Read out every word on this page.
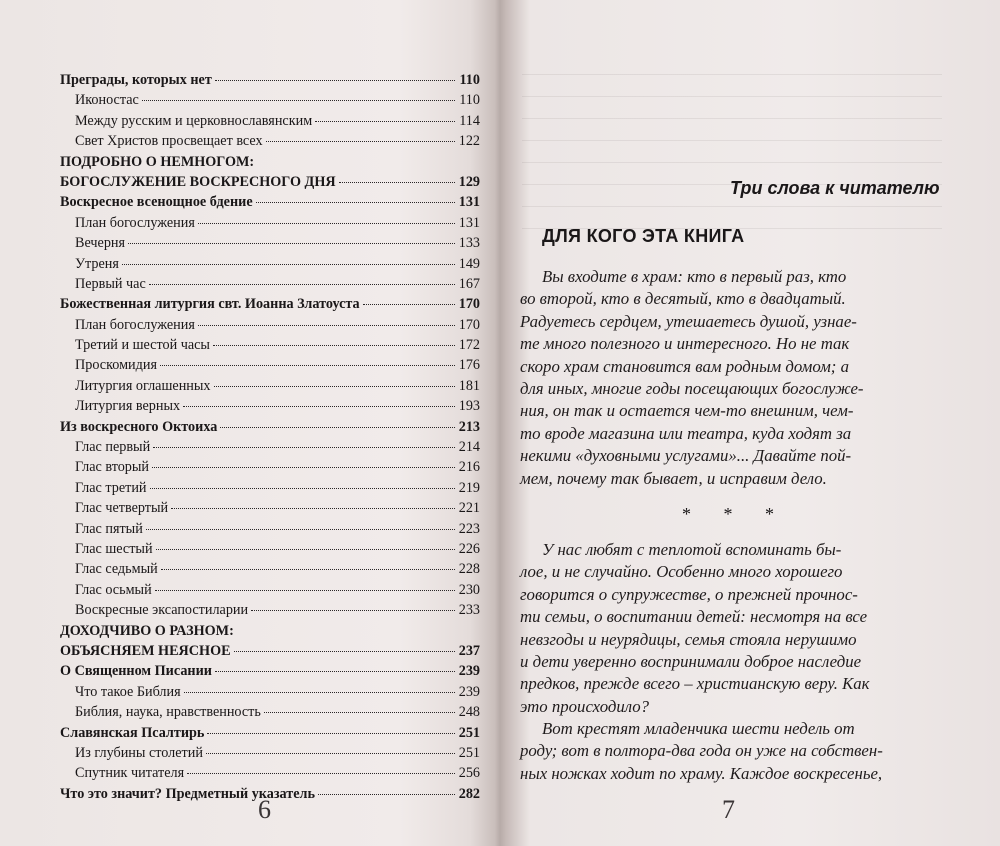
Преграды, которых нет	110
Иконостас	110
Между русским и церковнославянским	114
Свет Христов просвещает всех	122
ПОДРОБНО О НЕМНОГОМ:
БОГОСЛУЖЕНИЕ ВОСКРЕСНОГО ДНЯ	129
Воскресное всенощное бдение	131
План богослужения	131
Вечерня	133
Утреня	149
Первый час	167
Божественная литургия свт. Иоанна Златоуста	170
План богослужения	170
Третий и шестой часы	172
Проскомидия	176
Литургия оглашенных	181
Литургия верных	193
Из воскресного Октоиха	213
Глас первый	214
Глас вторый	216
Глас третий	219
Глас четвертый	221
Глас пятый	223
Глас шестый	226
Глас седьмый	228
Глас осьмый	230
Воскресные эксапостиларии	233
ДОХОДЧИВО О РАЗНОМ:
ОБЪЯСНЯЕМ НЕЯСНОЕ	237
О Священном Писании	239
Что такое Библия	239
Библия, наука, нравственность	248
Славянская Псалтирь	251
Из глубины столетий	251
Спутник читателя	256
Что это значит? Предметный указатель	282
6
Три слова к читателю
ДЛЯ КОГО ЭТА КНИГА
Вы входите в храм: кто в первый раз, кто
во второй, кто в десятый, кто в двадцатый.
Радуетесь сердцем, утешаетесь душой, узнае-
те много полезного и интересного. Но не так
скоро храм становится вам родным домом; а
для иных, многие годы посещающих богослуже-
ния, он так и остается чем-то внешним, чем-
то вроде магазина или театра, куда ходят за
некими «духовными услугами»... Давайте пой-
мем, почему так бывает, и исправим дело.
* * *
У нас любят с теплотой вспоминать бы-
лое, и не случайно. Особенно много хорошего
говорится о супружестве, о прежней прочнос-
ти семьи, о воспитании детей: несмотря на все
невзгоды и неурядицы, семья стояла нерушимо
и дети уверенно воспринимали доброе наследие
предков, прежде всего – христианскую веру. Как
это происходило?
Вот крестят младенчика шести недель от
роду; вот в полтора-два года он уже на собствен-
ных ножках ходит по храму. Каждое воскресенье,
7
